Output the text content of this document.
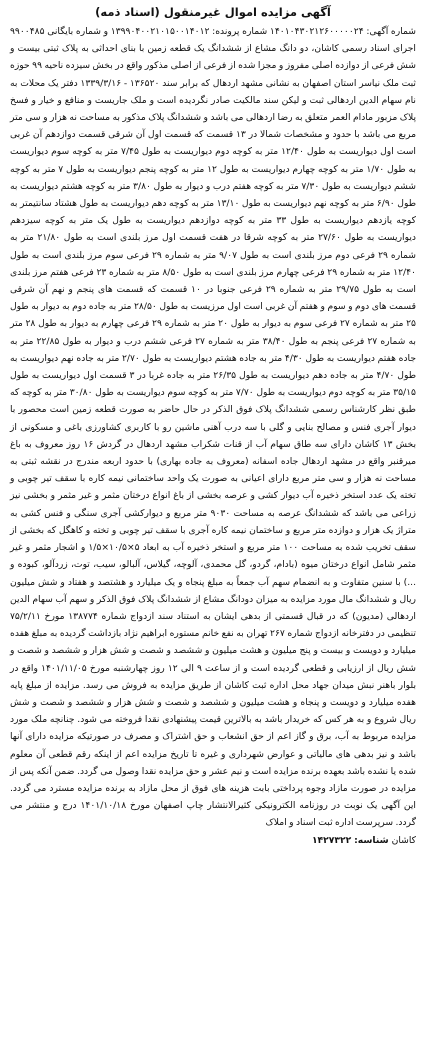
آگهی مزایده اموال غیرمنقول (اسناد ذمه)

شماره آگهی: ۱۴۰۱۰۴۳۰۲۱۲۶۰۰۰۰۰۲۴ شماره پرونده: ۱۳۹۹۰۴۰۰۲۱۰۱۵۰۰۱۴۰۱۲ و شماره بایگانی ۹۹۰۰۴۸۵ اجرای اسناد رسمی کاشان، دو دانگ مشاع از ششدانگ یک قطعه زمین با بنای احداثی به پلاک ثبتی بیست و شش فرعی از دوازده اصلی مفروز و مجزا شده از فرعی از اصلی مذکور واقع در بخش سیزده ناحیه ۹۹ حوزه ثبت ملک نیاسر استان اصفهان به نشانی مشهد اردهال که برابر سند ۱۳۶۵۲۰ - ۱۳۳۹/۳/۱۶ دفتر یک محلات به نام سهام الدین اردهالی ثبت و لیکن سند مالکیت صادر نگردیده است و ملک جاریست و منافع و خیار و فسخ پلاک مزبور مادام العمر متعلق به رضا اردهالی می باشد و ششدانگ پلاک مذکور به مساحت نه هزار و سی متر مربع می باشد با حدود و مشخصات شمالا در ۱۳ قسمت که قسمت اول آن شرقی قسمت دوازدهم آن غربی است اول دیواریست به طول ۱۲/۴۰ متر به کوچه دوم دیواریست به طول ۷/۴۵ متر به کوچه سوم دیواریست به طول ۱/۷۰ متر به کوچه چهارم دیواریست به طول ۱۲ متر به کوچه پنجم دیواریست به طول ۷ متر به کوچه ششم دیواریست به طول ۷/۳۰ متر به کوچه هفتم درب و دیوار به طول ۳/۸۰ متر به کوچه هشتم دیواریست به طول ۶/۹۰ متر به کوچه نهم دیواریست به طول ۱۳/۱۰ متر به کوچه دهم دیواریست به طول هشتاد سانتیمتر به کوچه یازدهم دیواریست به طول ۳۳ متر به کوچه دوازدهم دیواریست به طول یک متر به کوچه سیزدهم دیواریست به طول ۲۷/۶۰ متر به کوچه شرقا در هفت قسمت اول مرز بلندی است به طول ۲۱/۸۰ متر به شماره ۲۹ فرعی دوم مرز بلندی است به طول ۹/۰۷ متر به شماره ۲۹ فرعی سوم مرز بلندی است به طول ۱۲/۴۰ متر به شماره ۲۹ فرعی چهارم مرز بلندی است به طول ۸/۵۰ متر به شماره ۲۳ فرعی هفتم مرز بلندی است به طول ۲۹/۷۵ متر به شماره ۲۹ فرعی جنوبا در ۱۰ قسمت که قسمت های پنجم و نهم آن شرقی قسمت های دوم و سوم و هفتم آن غربی است اول مرزیست به طول ۲۸/۵۰ متر به جاده دوم به دیوار به طول ۲۵ متر به شماره ۲۷ فرعی سوم به دیوار به طول ۲۰ متر به شماره ۲۹ فرعی چهارم به دیوار به طول ۲۸ متر به شماره ۲۷ فرعی پنجم به طول ۳۸/۴۰ متر به شماره ۲۷ فرعی ششم درب و دیوار به طول ۲۲/۸۵ متر به جاده هفتم دیواریست به طول ۴/۳۰ متر به جاده هشتم دیواریست به طول ۲/۷۰ متر به جاده نهم دیواریست به طول ۴/۷۰ متر به جاده دهم دیواریست به طول ۲۶/۳۵ متر به جاده غربا در ۳ قسمت اول دیواریست به طول ۳۵/۱۵ متر به کوچه دوم دیواریست به طول ۷/۷۰ متر به کوچه سوم دیواریست به طول ۳۰/۸۰ متر به کوچه که طبق نظر کارشناس رسمی ششدانگ پلاک فوق الذکر در حال حاضر به صورت قطعه زمین است محصور با دیوار آجری فنس و مصالح بنایی و گلی با سه درب آهنی ماشین رو با کاربری کشاورزی باغی و مسکونی از بخش ۱۳ کاشان دارای سه طاق سهام آب از قنات شکراب مشهد اردهال در گردش ۱۶ روز معروف به باغ میرقنبر واقع در مشهد اردهال جاده اسفانه (معروف به جاده بهاری) با حدود اربعه مندرج در نقشه ثبتی به مساحت نه هزار و سی متر مربع دارای اعیانی به صورت یک واحد ساختمانی نیمه کاره با سقف تیر چوبی و تخته یک عدد استخر ذخیره آب دیوار کشی و عرصه بخشی از باغ انواع درختان مثمر و غیر مثمر و بخشی نیز زراعی می باشد که ششدانگ عرصه به مساحت ۹۰۳۰ متر مربع و دیوارکشی آجری سنگی و فنس کشی به متراژ یک هزار و دوازده متر مربع و ساختمان نیمه کاره آجری با سقف تیر چوبی و تخته و کاهگل که بخشی از سقف تخریب شده به مساحت ۱۰۰ متر مربع و استخر ذخیره آب به ابعاد ۵×۱۰/۵×۱/۵ و اشجار مثمر و غیر مثمر شامل انواع درختان میوه (بادام، گردو، گل محمدی، آلوچه، گیلاس، آلبالو، سیب، توت، زردآلو، کبوده و ...) با سنین متفاوت و به انضمام سهم آب جمعاً به مبلغ پنجاه و یک میلیارد و هشتصد و هفتاد و شش میلیون ریال و ششدانگ مال مورد مزایده به میزان دودانگ مشاع از ششدانگ پلاک فوق الذکر و سهم آب سهام الدین اردهالی (مدیون) که در قبال قسمتی از بدهی ایشان به استناد سند ازدواج شماره ۱۳۸۷۷۴ مورخ ۷۵/۲/۱۱ تنظیمی در دفترخانه ازدواج شماره ۲۶۷ تهران به نفع خانم مستوره ابراهیم نژاد بازداشت گردیده به مبلغ هفده میلیارد و دویست و بیست و پنج میلیون و هشت میلیون و ششصد و شصت و شش هزار و ششصد و شصت و شش ریال از ارزیابی و قطعی گردیده است و از ساعت ۹ الی ۱۲ روز چهارشنبه مورخ ۱۴۰۱/۱۱/۰۵ واقع در بلوار باهنر نبش میدان جهاد محل اداره ثبت کاشان از طریق مزایده به فروش می رسد. مزایده از مبلغ پایه هفده میلیارد و دویست و پنجاه و هشت میلیون و ششصد و شصت و شش هزار و ششصد و شصت و شش ریال شروع و به هر کس که خریدار باشد به بالاترین قیمت پیشنهادی نقدا فروخته می شود. چنانچه ملک مورد مزایده مربوط به آب، برق و گاز اعم از حق انشعاب و حق اشتراک و مصرف در صورتیکه مزایده دارای آنها باشد و نیز بدهی های مالیاتی و عوارض شهرداری و غیره تا تاریخ مزایده اعم از اینکه رقم قطعی آن معلوم شده یا نشده باشد بعهده برنده مزایده است و نیم عشر و حق مزایده نقدا وصول می گردد. ضمن آنکه پس از مزایده در صورت مازاد وجوه پرداختی بابت هزینه های فوق از محل مازاد به برنده مزایده مسترد می گردد. این آگهی یک نوبت در روزنامه الکترونیکی کثیرالانتشار چاپ اصفهان مورخ ۱۴۰۱/۱۰/۱۸ درج و منتشر می گردد. سرپرست اداره ثبت اسناد و املاک

کاشان شناسه: ۱۴۲۷۳۲۲
